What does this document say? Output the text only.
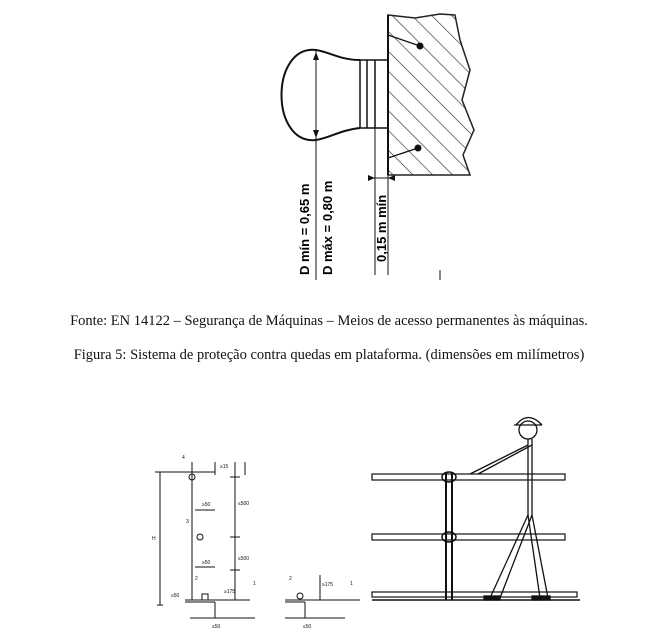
D mín = 0,65 m D máx = 0,80 m	0,15 m mín
Fonte: EN 14122 – Segurança de Máquinas – Meios de acesso permanentes às máquinas.
Figura 5: Sistema de proteção contra quedas em plataforma. (dimensões em milímetros)
H
4
3
2
1
≥15
≤500
≤500
≥50
≥50
≥175
≥50
≤50
2
1
≥175
≤50
